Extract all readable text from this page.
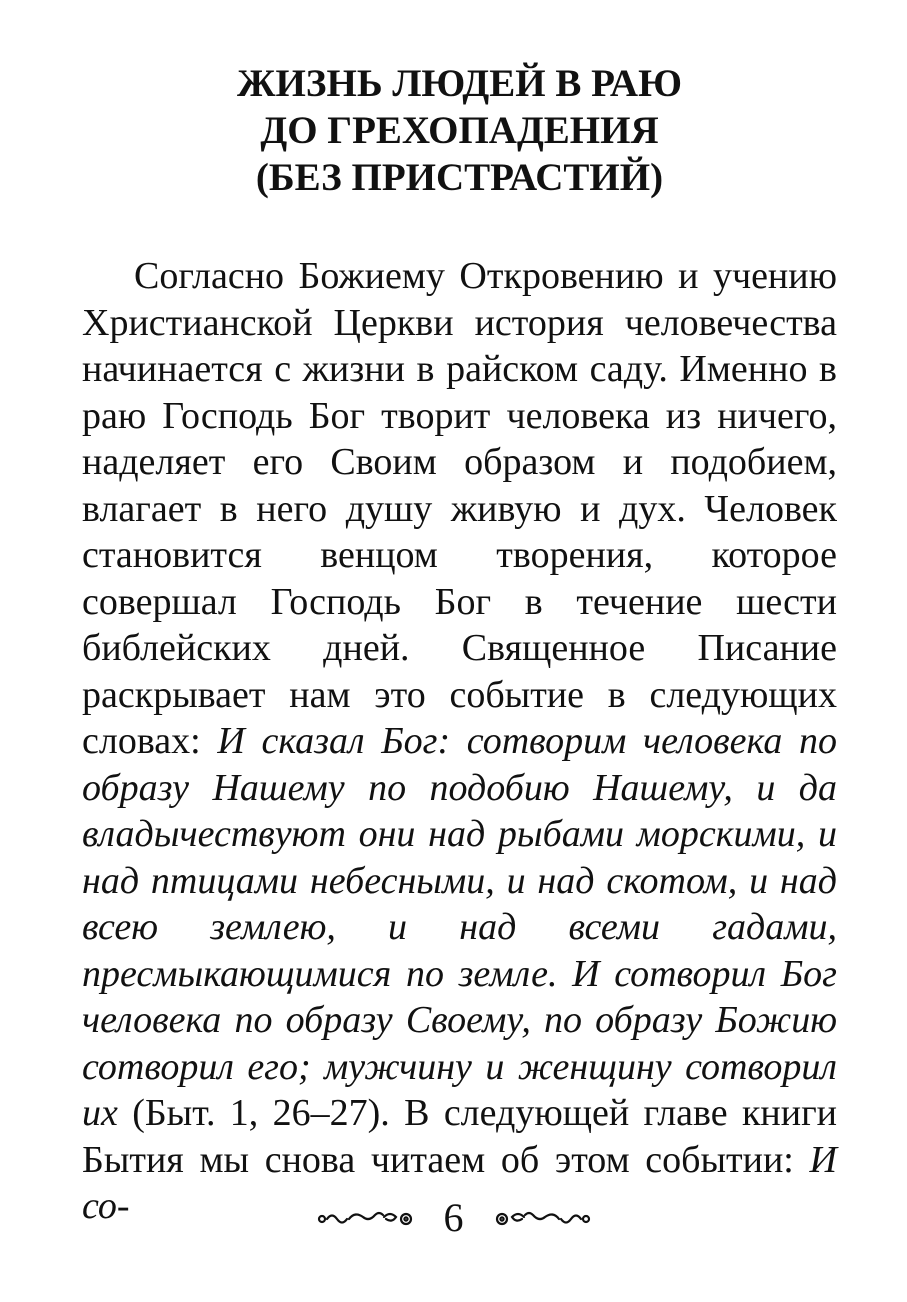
ЖИЗНЬ ЛЮДЕЙ В РАЮ
ДО ГРЕХОПАДЕНИЯ
(БЕЗ ПРИСТРАСТИЙ)

Согласно Божиему Откровению и учению Христианской Церкви история человечества начинается с жизни в райском саду. Именно в раю Господь Бог творит человека из ничего, наделяет его Своим образом и подобием, влагает в него душу живую и дух. Человек становится венцом творения, которое совершал Господь Бог в течение шести библейских дней. Священное Писание раскрывает нам это событие в следующих словах: И сказал Бог: сотворим человека по образу Нашему по подобию Нашему, и да владычествуют они над рыбами морскими, и над птицами небесными, и над скотом, и над всею землею, и над всеми гадами, пресмыкающимися по земле. И сотворил Бог человека по образу Своему, по образу Божию сотворил его; мужчину и женщину сотворил их (Быт. 1, 26–27). В следующей главе книги Бытия мы снова читаем об этом событии: И со-	6
